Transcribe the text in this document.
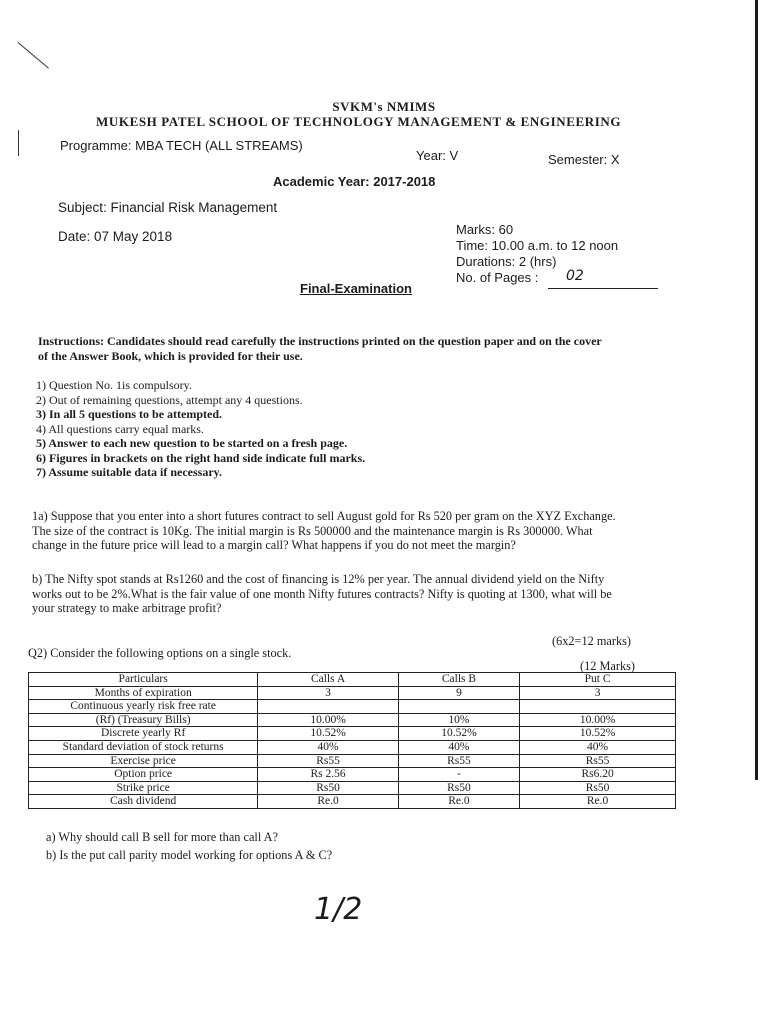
SVKM's NMIMS
MUKESH PATEL SCHOOL OF TECHNOLOGY MANAGEMENT & ENGINEERING
Programme: MBA TECH (ALL STREAMS)
Year: V	Semester: X
Academic Year: 2017-2018
Subject: Financial Risk Management
Date: 07 May 2018	Marks: 60
Time: 10.00 a.m. to 12 noon
Durations: 2 (hrs)
No. of Pages : 02
Final-Examination
Instructions: Candidates should read carefully the instructions printed on the question paper and on the cover
of the Answer Book, which is provided for their use.
1) Question No. 1is compulsory.
2) Out of remaining questions, attempt any 4 questions.
3) In all 5 questions to be attempted.
4) All questions carry equal marks.
5) Answer to each new question to be started on a fresh page.
6) Figures in brackets on the right hand side indicate full marks.
7) Assume suitable data if necessary.
1a) Suppose that you enter into a short futures contract to sell August gold for Rs 520 per gram on the XYZ Exchange.
The size of the contract is 10Kg. The initial margin is Rs 500000 and the maintenance margin is Rs 300000. What
change in the future price will lead to a margin call? What happens if you do not meet the margin?
b) The Nifty spot stands at Rs1260 and the cost of financing is 12% per year. The annual dividend yield on the Nifty
works out to be 2%.What is the fair value of one month Nifty futures contracts? Nifty is quoting at 1300, what will be
your strategy to make arbitrage profit?
(6x2=12 marks)
Q2) Consider the following options on a single stock.
(12 Marks)
Particulars	Calls A	Calls B	Put C
Months of expiration	3	9	3
Continuous yearly risk free rate			
(Rf) (Treasury Bills)	10.00%	10%	10.00%
Discrete yearly Rf	10.52%	10.52%	10.52%
Standard deviation of stock returns	40%	40%	40%
Exercise price	Rs55	Rs55	Rs55
Option price	Rs 2.56	-	Rs6.20
Strike price	Rs50	Rs50	Rs50
Cash dividend	Re.0	Re.0	Re.0
a) Why should call B sell for more than call A?
b) Is the put call parity model working for options A & C?
1/2
